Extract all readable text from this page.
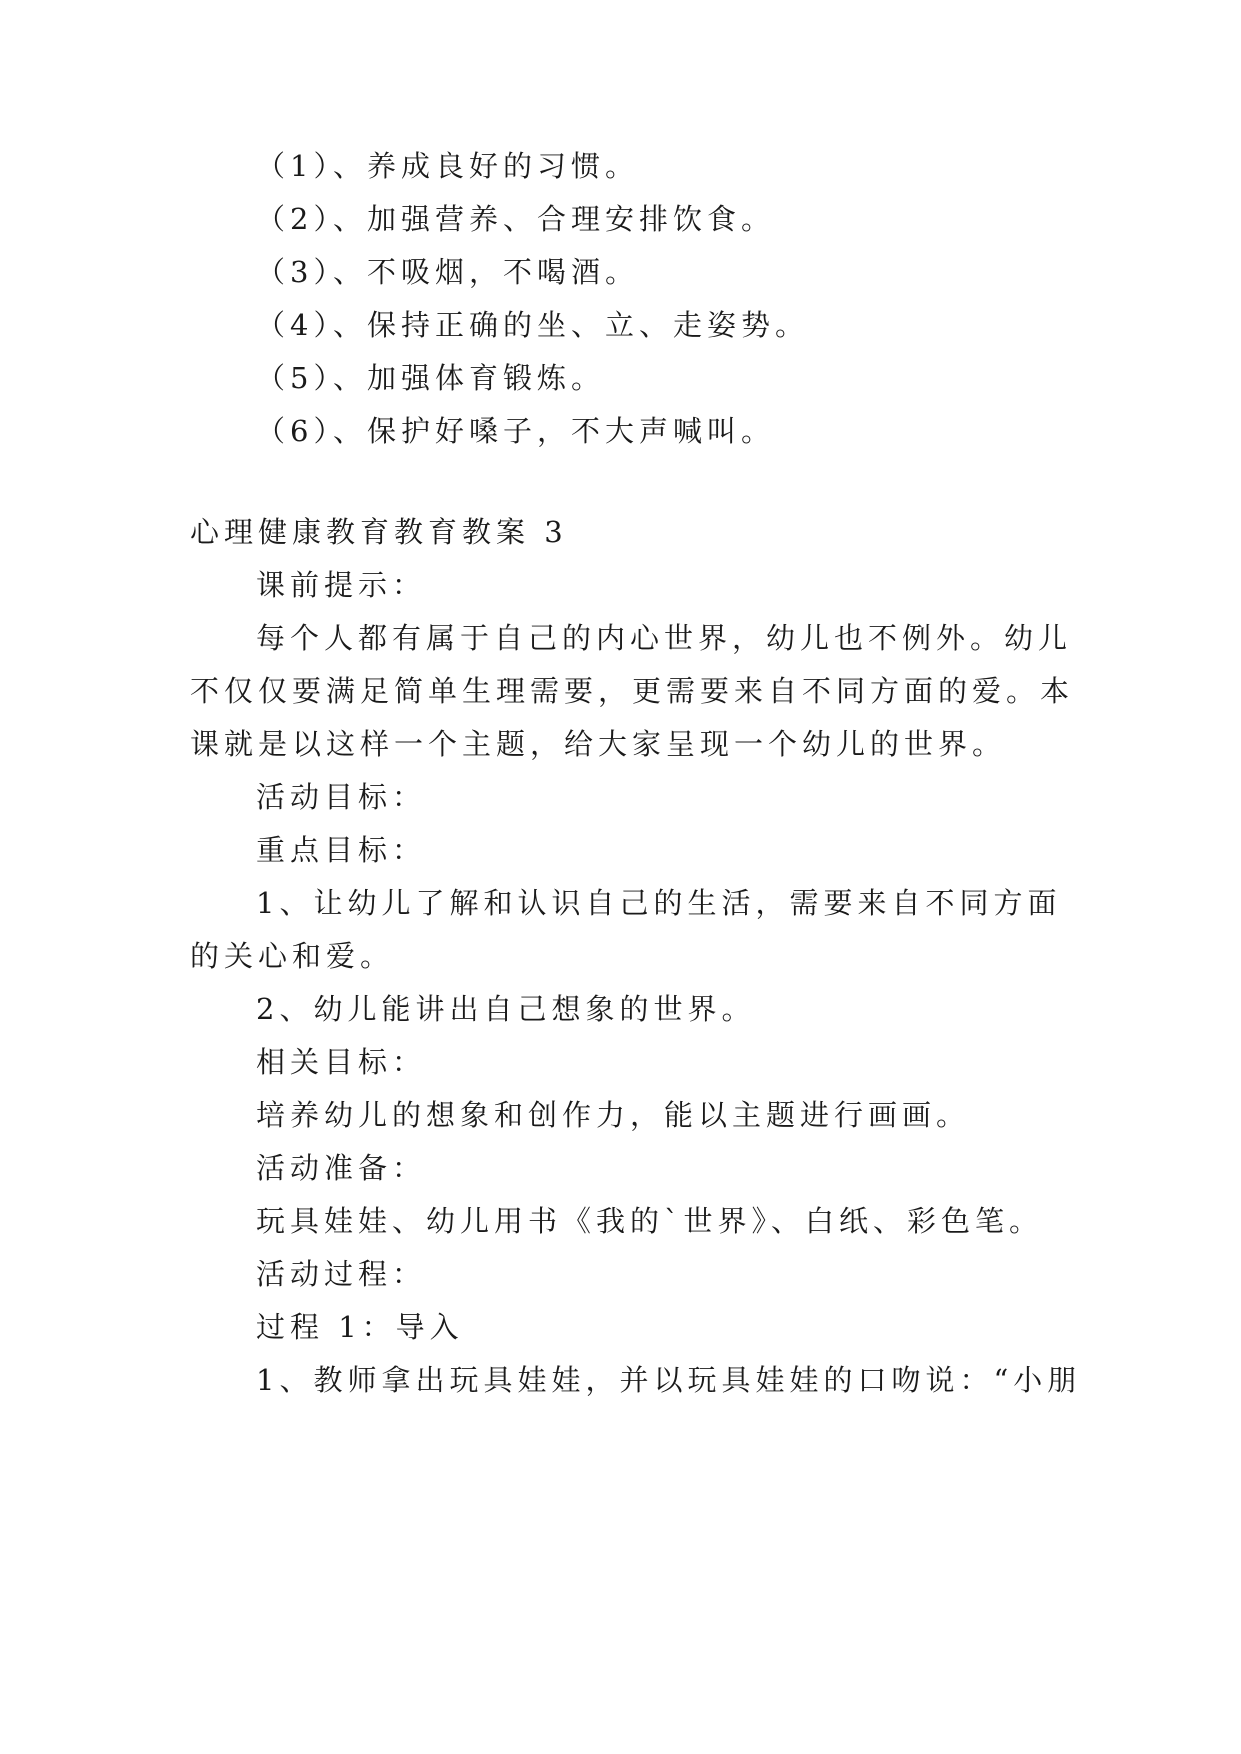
（1）、养成良好的习惯。
（2）、加强营养、合理安排饮食。
（3）、不吸烟，不喝酒。
（4）、保持正确的坐、立、走姿势。
（5）、加强体育锻炼。
（6）、保护好嗓子，不大声喊叫。
心理健康教育教育教案 3
课前提示：
每个人都有属于自己的内心世界，幼儿也不例外。幼儿
不仅仅要满足简单生理需要，更需要来自不同方面的爱。本
课就是以这样一个主题，给大家呈现一个幼儿的世界。
活动目标：
重点目标：
1、让幼儿了解和认识自己的生活，需要来自不同方面
的关心和爱。
2、幼儿能讲出自己想象的世界。
相关目标：
培养幼儿的想象和创作力，能以主题进行画画。
活动准备：
玩具娃娃、幼儿用书《我的`世界》、白纸、彩色笔。
活动过程：
过程 1：导入
1、教师拿出玩具娃娃，并以玩具娃娃的口吻说：“小朋
